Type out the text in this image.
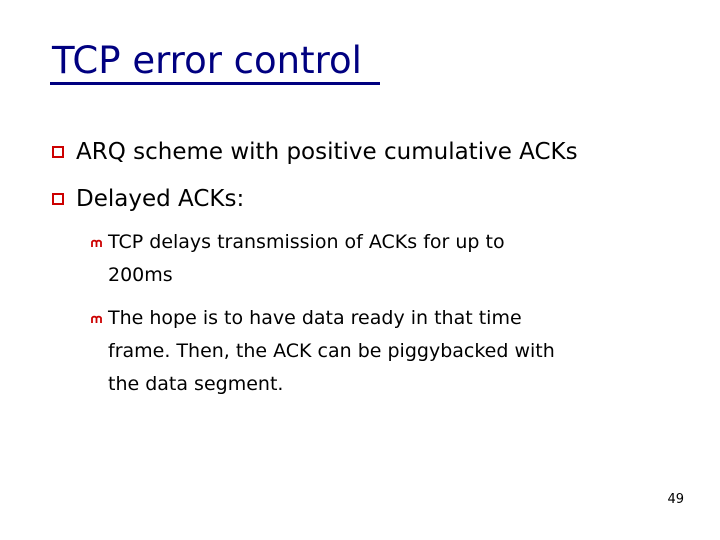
TCP error control
ARQ scheme with positive cumulative ACKs
Delayed ACKs:
TCP delays transmission of ACKs for up to
200ms
The hope is to have data ready in that time
frame. Then, the ACK can be piggybacked with
the data segment.
49
